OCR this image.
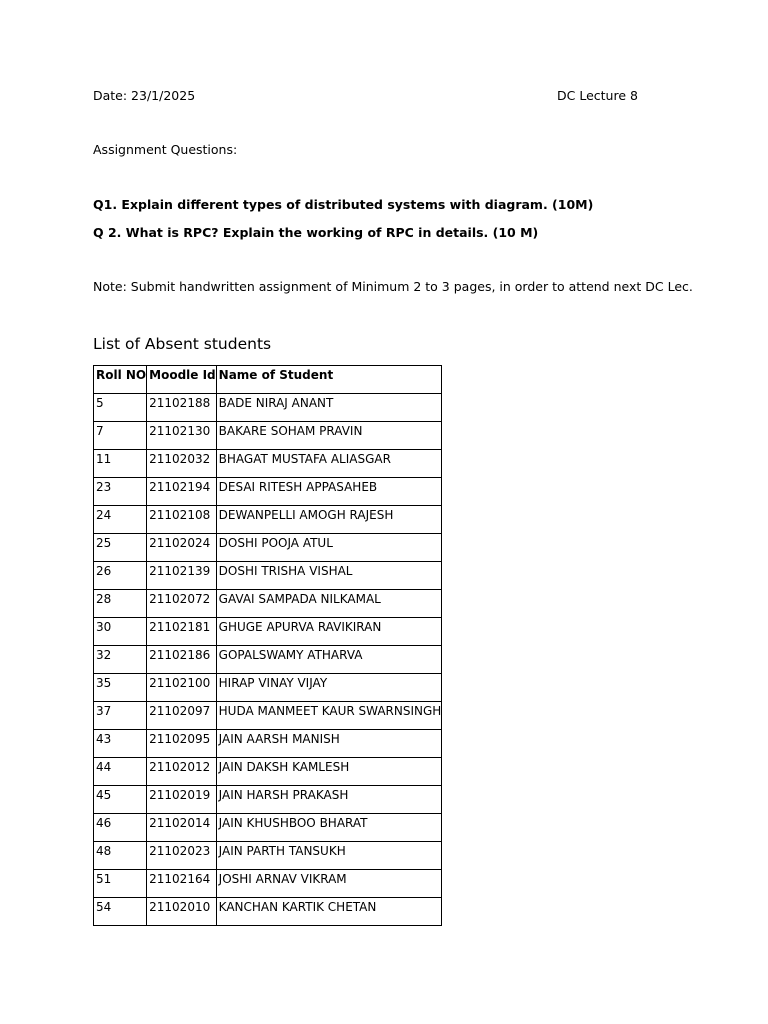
Date: 23/1/2025	DC Lecture 8
Assignment Questions:
Q1. Explain different types of distributed systems with diagram. (10M)
Q 2. What is RPC? Explain the working of RPC in details. (10 M)
Note: Submit handwritten assignment of Minimum 2 to 3 pages, in order to attend next DC Lec.
List of Absent students
Roll NO	Moodle Id	Name of Student
5	21102188	BADE NIRAJ ANANT
7	21102130	BAKARE SOHAM PRAVIN
11	21102032	BHAGAT MUSTAFA ALIASGAR
23	21102194	DESAI RITESH APPASAHEB
24	21102108	DEWANPELLI AMOGH RAJESH
25	21102024	DOSHI POOJA ATUL
26	21102139	DOSHI TRISHA VISHAL
28	21102072	GAVAI SAMPADA NILKAMAL
30	21102181	GHUGE APURVA RAVIKIRAN
32	21102186	GOPALSWAMY ATHARVA
35	21102100	HIRAP VINAY VIJAY
37	21102097	HUDA MANMEET KAUR SWARNSINGH
43	21102095	JAIN AARSH MANISH
44	21102012	JAIN DAKSH KAMLESH
45	21102019	JAIN HARSH PRAKASH
46	21102014	JAIN KHUSHBOO BHARAT
48	21102023	JAIN PARTH TANSUKH
51	21102164	JOSHI ARNAV VIKRAM
54	21102010	KANCHAN KARTIK CHETAN
